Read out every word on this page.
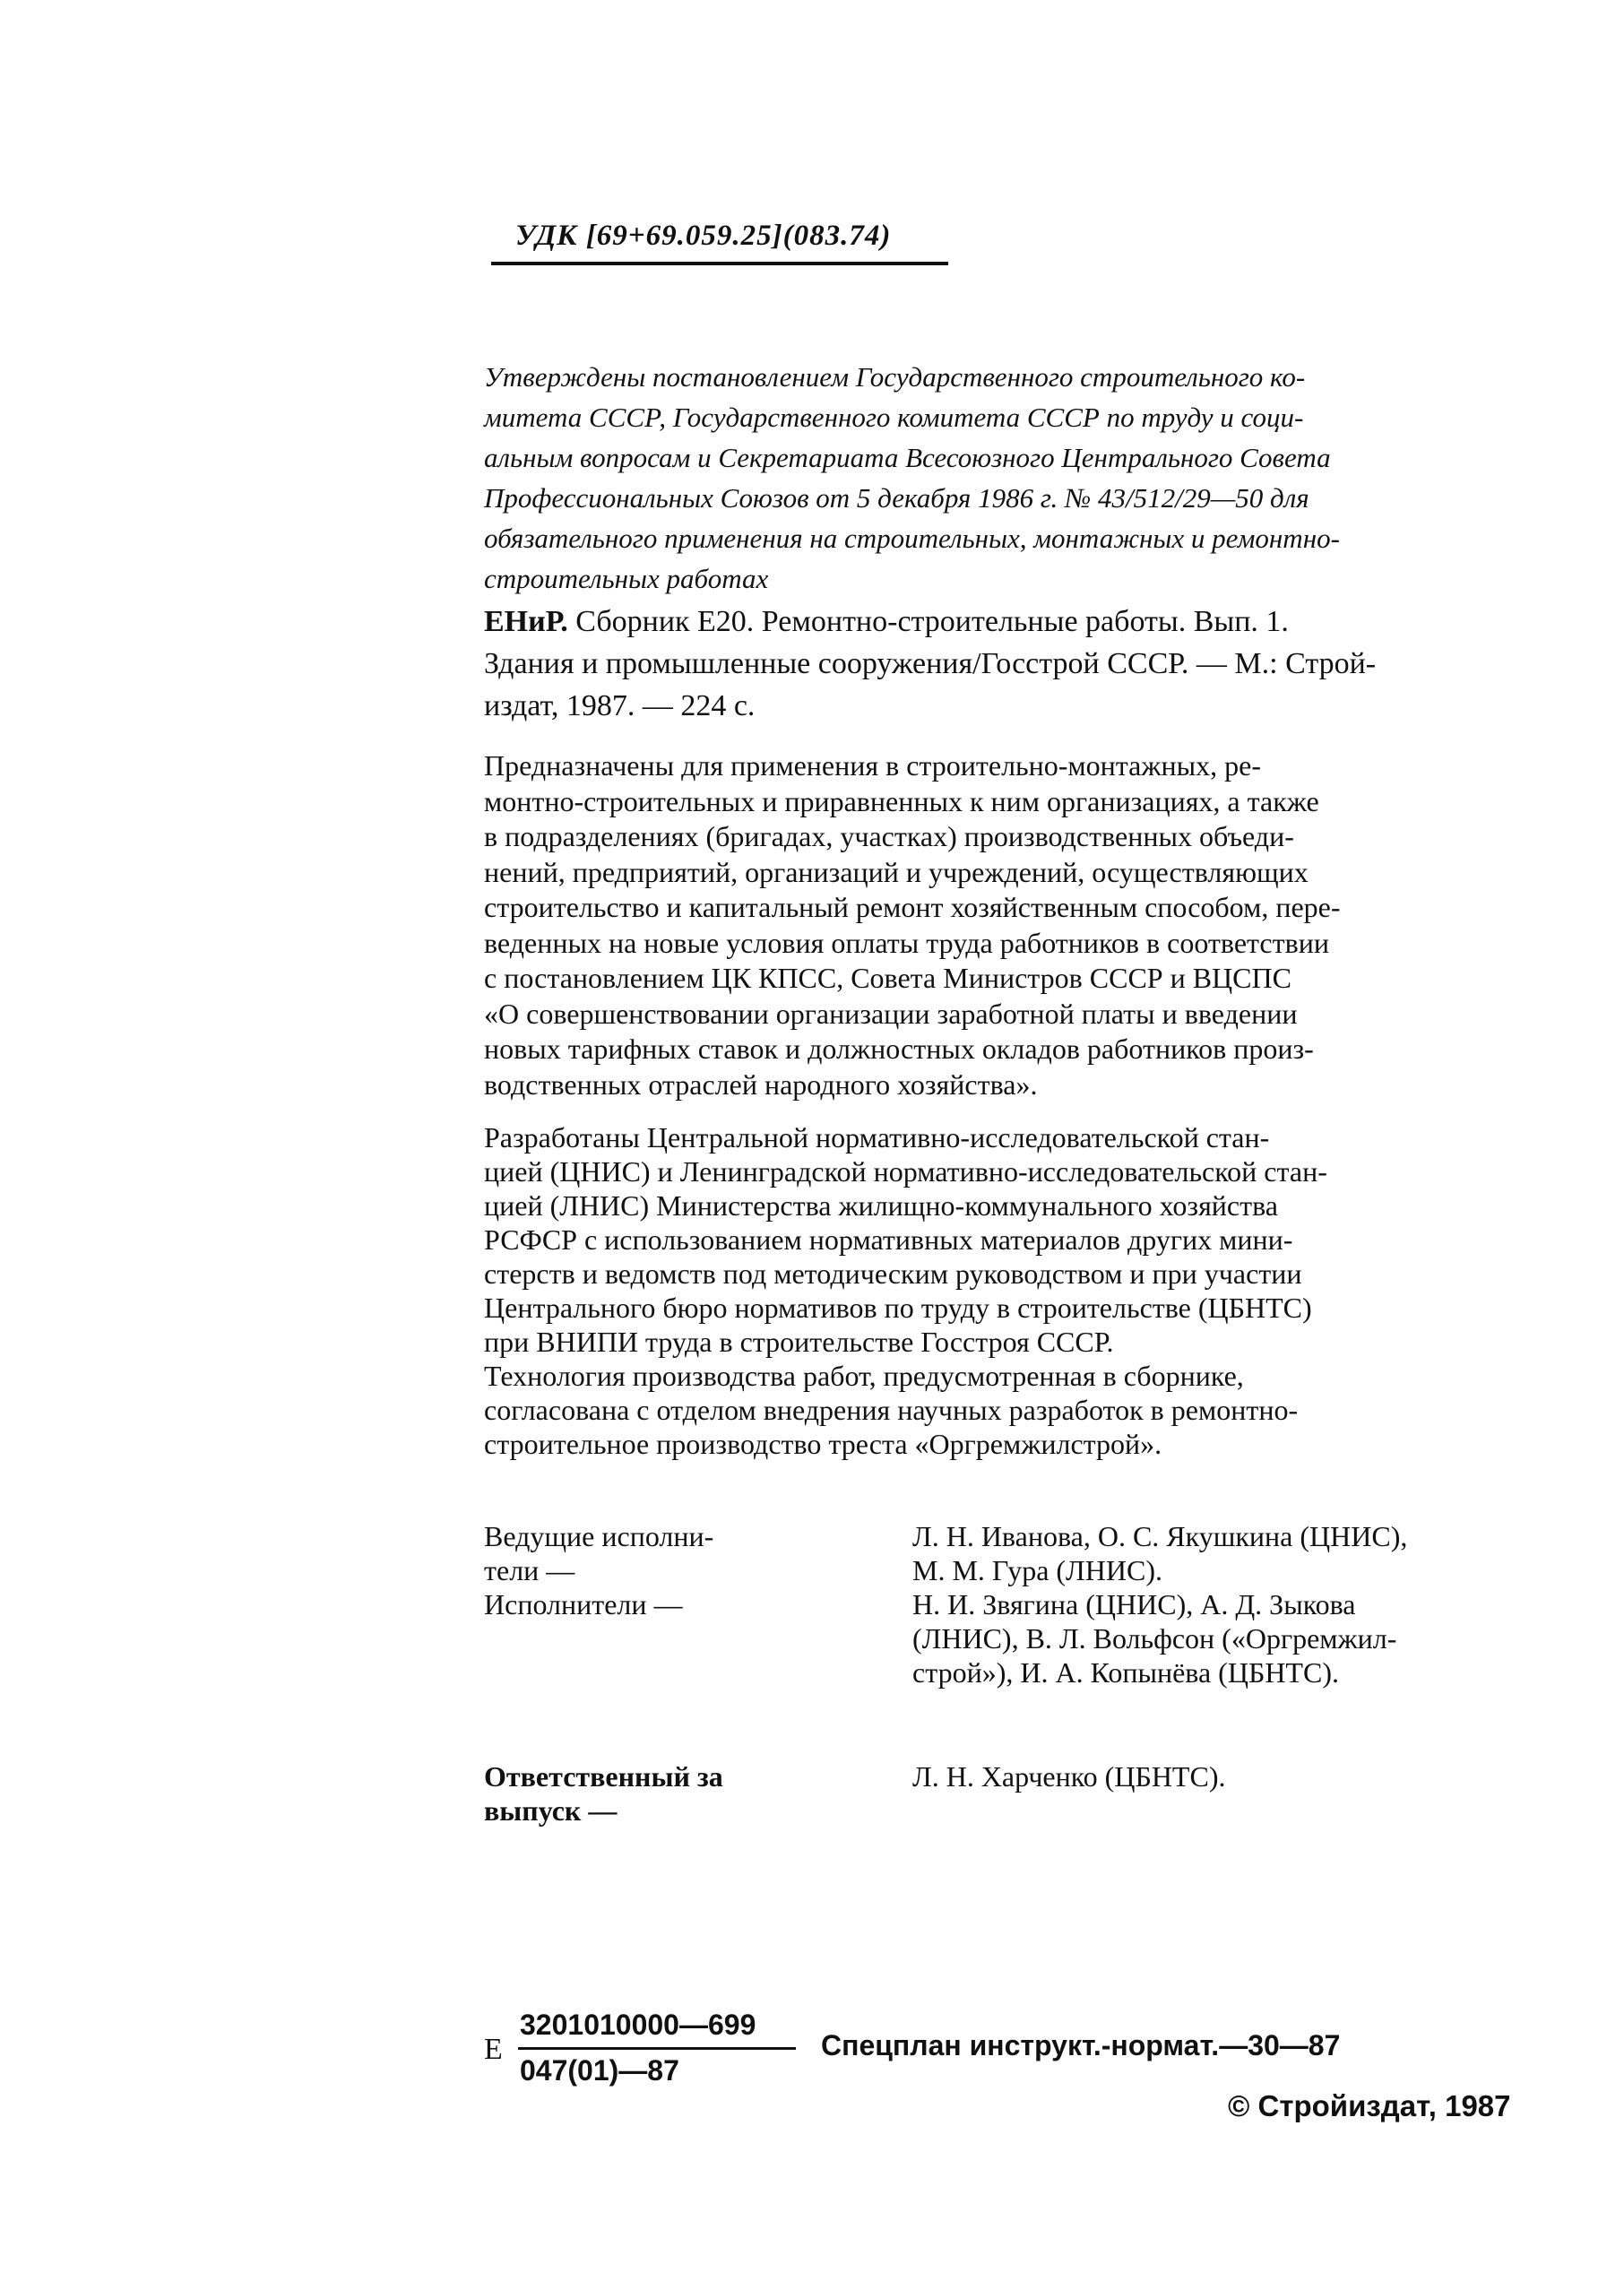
УДК [69+69.059.25](083.74)
Утверждены постановлением Государственного строительного ко-
митета СССР, Государственного комитета СССР по труду и соци-
альным вопросам и Секретариата Всесоюзного Центрального Совета
Профессиональных Союзов от 5 декабря 1986 г. № 43/512/29—50 для
обязательного применения на строительных, монтажных и ремонтно-
строительных работах
ЕНиР. Сборник Е20. Ремонтно-строительные работы. Вып. 1.
Здания и промышленные сооружения/Госстрой СССР. — М.: Строй-
издат, 1987. — 224 с.
Предназначены для применения в строительно-монтажных, ре-
монтно-строительных и приравненных к ним организациях, а также
в подразделениях (бригадах, участках) производственных объеди-
нений, предприятий, организаций и учреждений, осуществляющих
строительство и капитальный ремонт хозяйственным способом, пере-
веденных на новые условия оплаты труда работников в соответствии
с постановлением ЦК КПСС, Совета Министров СССР и ВЦСПС
«О совершенствовании организации заработной платы и введении
новых тарифных ставок и должностных окладов работников произ-
водственных отраслей народного хозяйства».
Разработаны Центральной нормативно-исследовательской стан-
цией (ЦНИС) и Ленинградской нормативно-исследовательской стан-
цией (ЛНИС) Министерства жилищно-коммунального хозяйства
РСФСР с использованием нормативных материалов других мини-
стерств и ведомств под методическим руководством и при участии
Центрального бюро нормативов по труду в строительстве (ЦБНТС)
при ВНИПИ труда в строительстве Госстроя СССР.
Технология производства работ, предусмотренная в сборнике,
согласована с отделом внедрения научных разработок в ремонтно-
строительное производство треста «Оргремжилстрой».
Ведущие исполни-
тели —
Л. Н. Иванова, О. С. Якушкина (ЦНИС),
М. М. Гура (ЛНИС).
Исполнители —	Н. И. Звягина (ЦНИС), А. Д. Зыкова
(ЛНИС), В. Л. Вольфсон («Оргремжил-
строй»), И. А. Копынёва (ЦБНТС).
Ответственный за
выпуск —
Л. Н. Харченко (ЦБНТС).
Е
3201010000—699
047(01)—87
Спецплан инструкт.-нормат.—30—87
© Стройиздат, 1987
